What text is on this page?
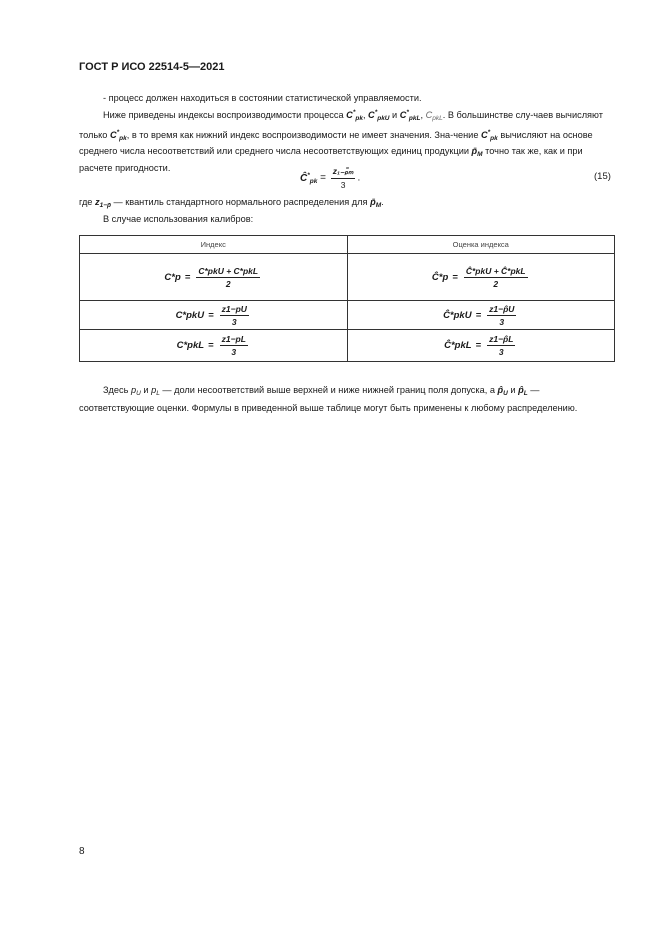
ГОСТ Р ИСО 22514-5—2021
- процесс должен находиться в состоянии статистической управляемости.
Ниже приведены индексы воспроизводимости процесса $C^*_{pk}$, $C^*_{pkU}$ и $C^*_{pkL}$, $C_{pkL}$. В большинстве слу-чаев вычисляют только $C^*_{pk}$, в то время как нижний индекс воспроизводимости не имеет значения. Зна-чение $C^*_{pk}$ вычисляют на основе среднего числа несоответствий или среднего числа несоответствующих единиц продукции $p̄_M$ точно так же, как и при расчете пригодности.
$Ĉ^*_{pk} = \frac{\text{z₁₋ₚ̄ₘ}}{3}$ .	(15)
где $z_{1-p̄}$ — квантиль стандартного нормального распределения для $p̄_M$.
В случае использования калибров:
Индекс	Оценка индекса

$C*p = \frac{\text{C*pkU + C*pkL}}{2}$	Ĉ*p = $\frac{\text{Ĉ*pkU + Ĉ*pkL}}{2}$

$C*pkU = \frac{z1-pU}{3}$	Ĉ*pkU = $\frac{z1-p̂U}{3}$

$C*pkL = \frac{z1-pL}{3}$	Ĉ*pkL = $\frac{z1-p̂L}{3}$
Здесь $p_U$ и $p_L$ — доли несоответствий выше верхней и ниже нижней границ поля допуска, а $p̂_U$ и $p̂_L$ — соответствующие оценки. Формулы в приведенной выше таблице могут быть применены к любому распределению.
8
